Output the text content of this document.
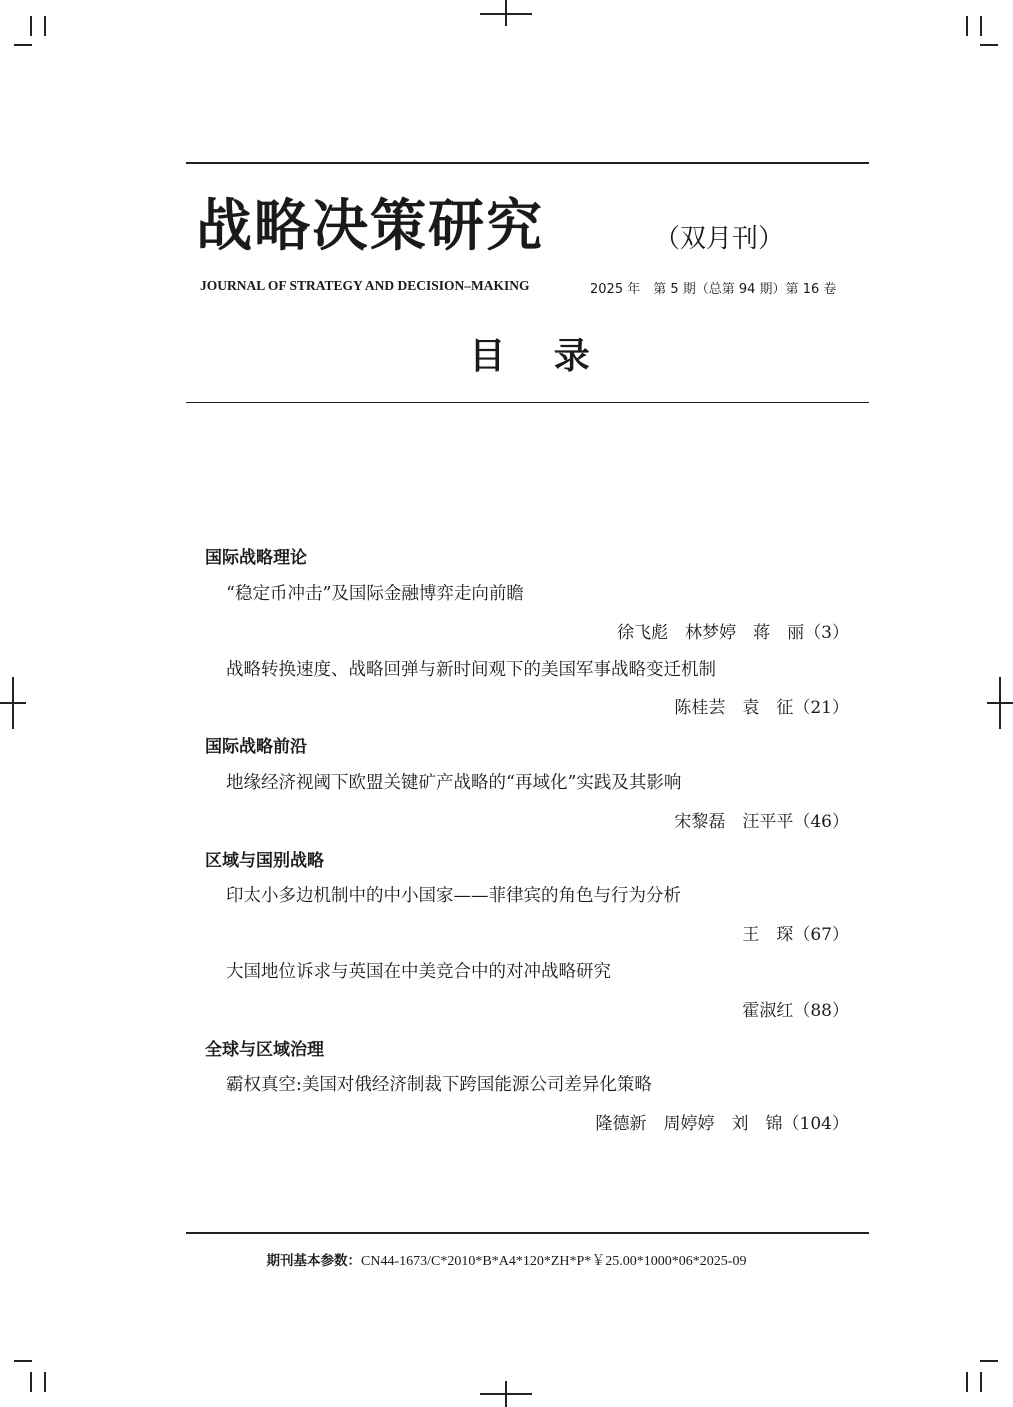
战略决策研究	（双月刊）
JOURNAL OF STRATEGY AND DECISION–MAKING	2025 年　第 5 期（总第 94 期）第 16 卷
目 录
国际战略理论
“稳定币冲击”及国际金融博弈走向前瞻
徐飞彪　林梦婷　蒋　丽（3）
战略转换速度、战略回弹与新时间观下的美国军事战略变迁机制
陈桂芸　袁　征（21）
国际战略前沿
地缘经济视阈下欧盟关键矿产战略的“再域化”实践及其影响
宋黎磊　汪平平（46）
区域与国别战略
印太小多边机制中的中小国家——菲律宾的角色与行为分析
王　琛（67）
大国地位诉求与英国在中美竞合中的对冲战略研究
霍淑红（88）
全球与区域治理
霸权真空:美国对俄经济制裁下跨国能源公司差异化策略
隆德新　周婷婷　刘　锦（104）
期刊基本参数：CN44-1673/C*2010*B*A4*120*ZH*P*￥25.00*1000*06*2025-09
